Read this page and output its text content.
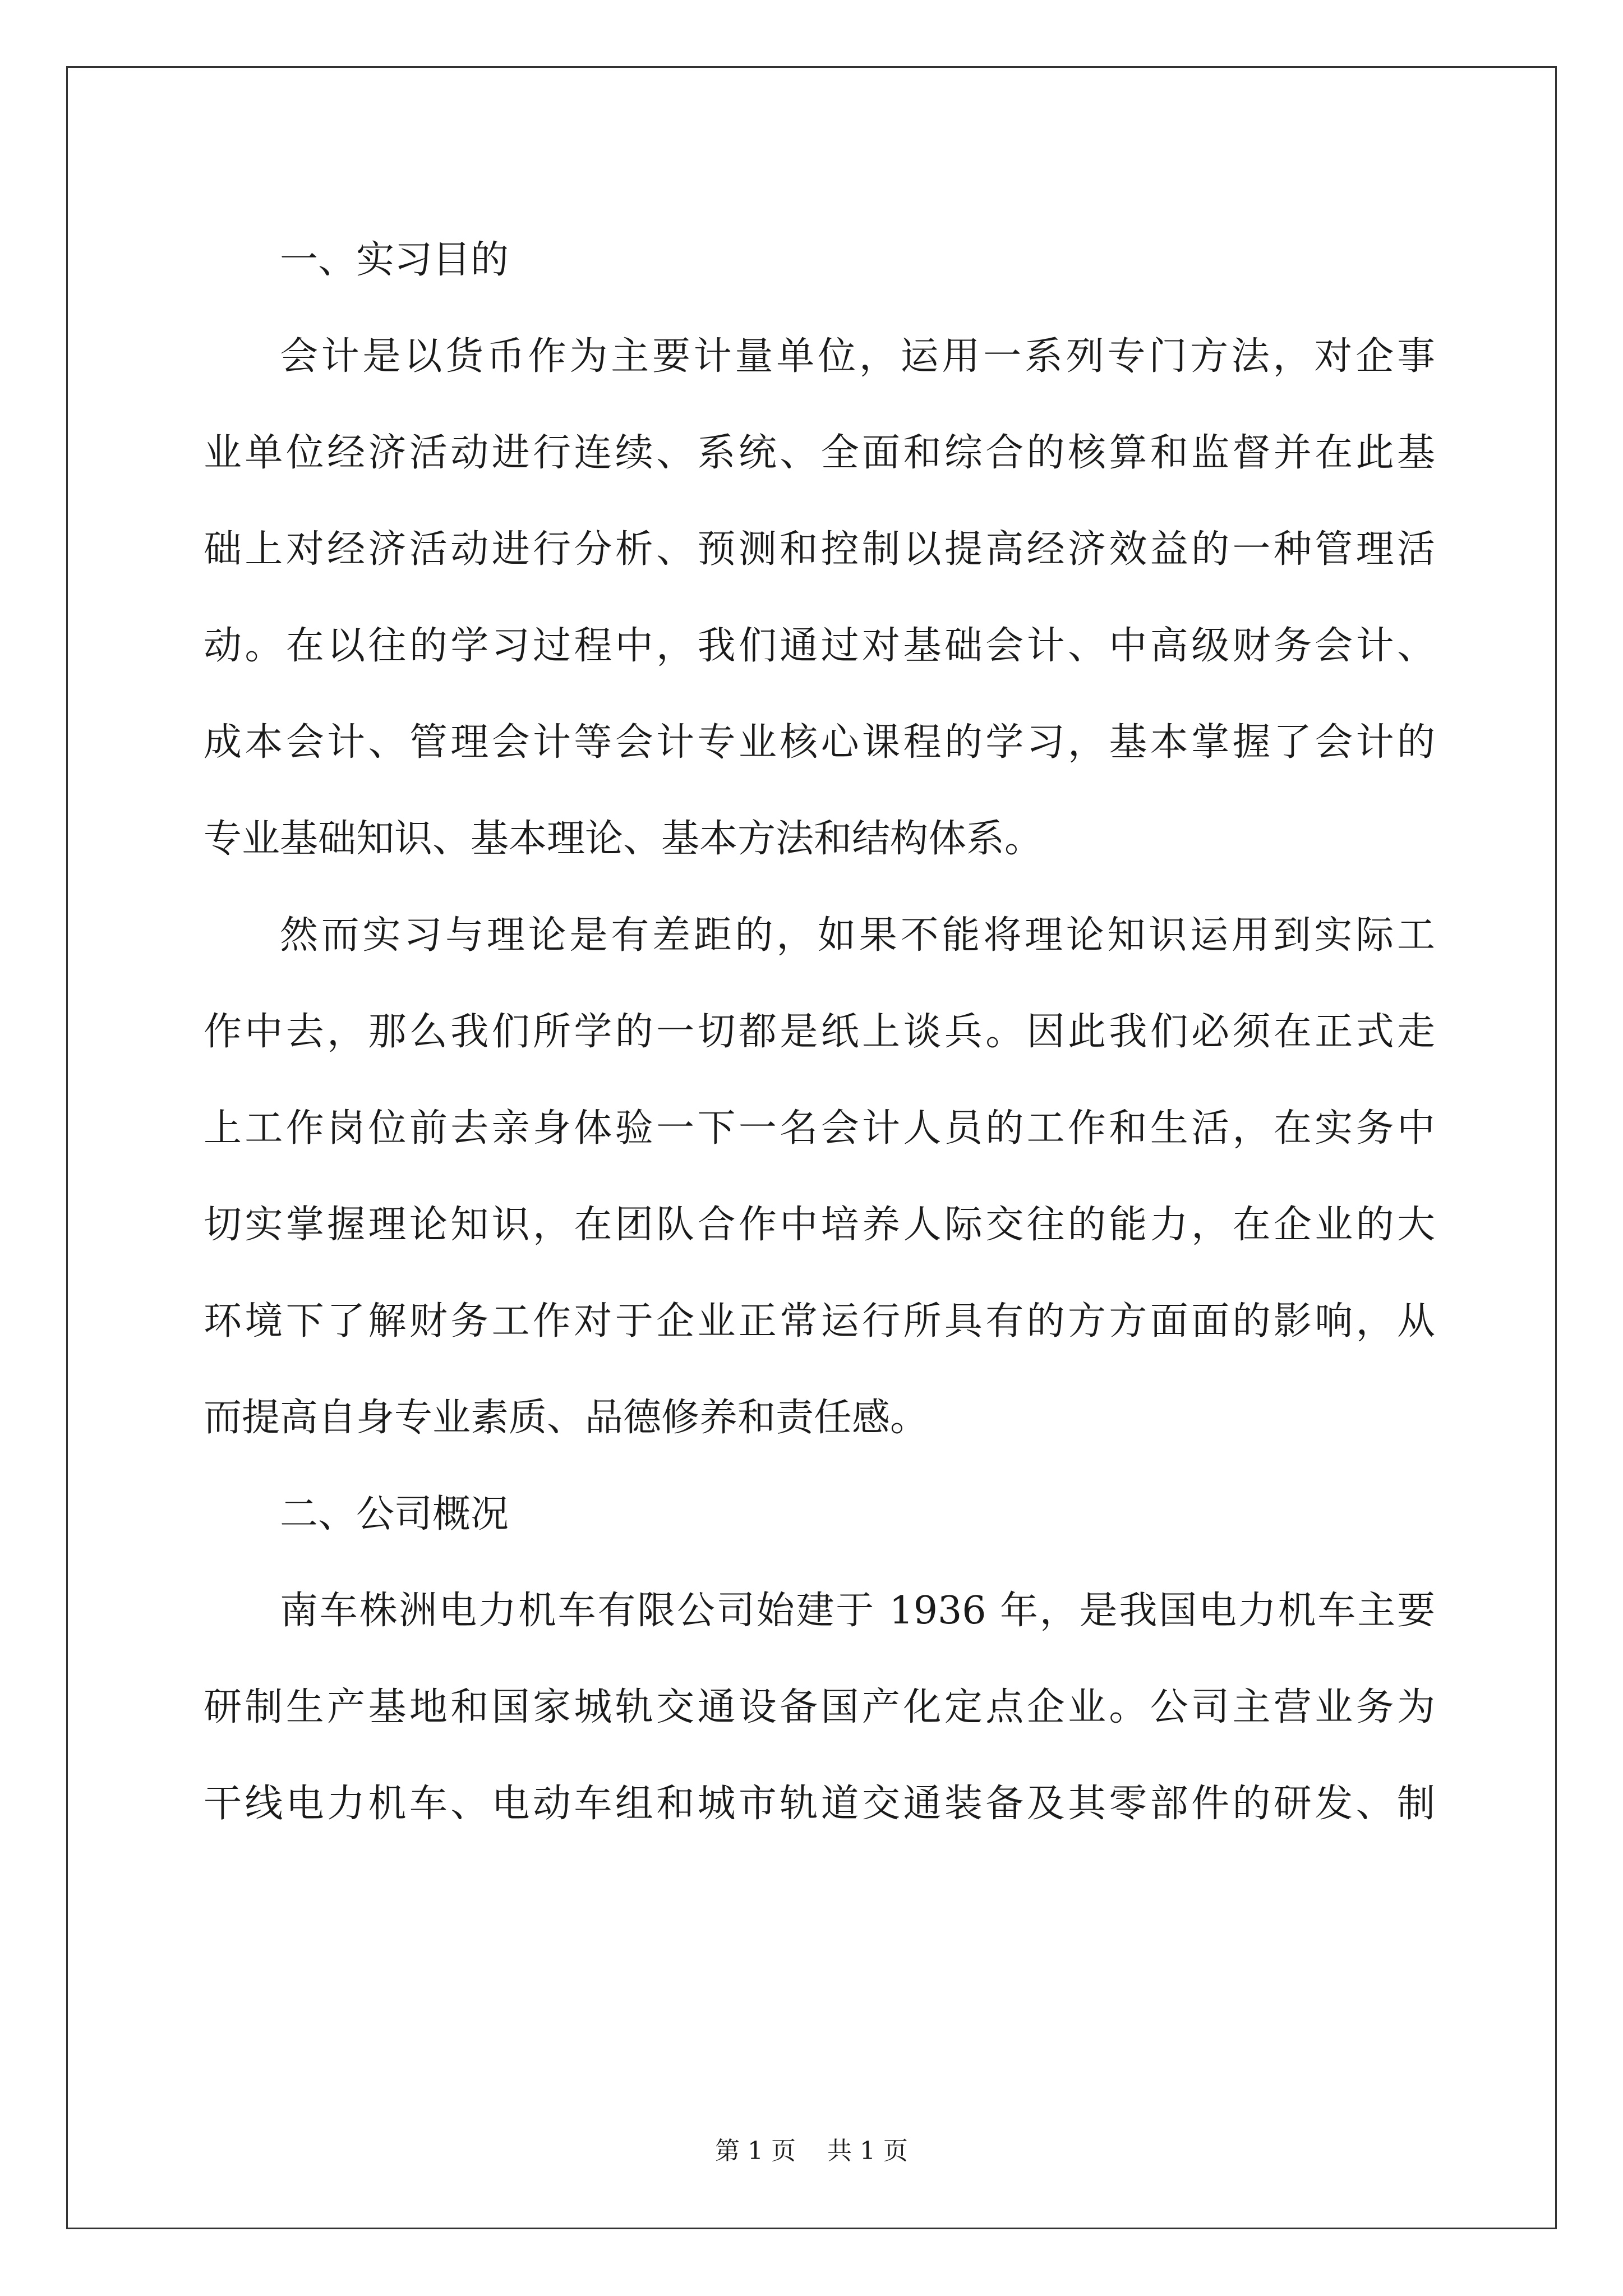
一、实习目的
会计是以货币作为主要计量单位，运用一系列专门方法，对企事
业单位经济活动进行连续、系统、全面和综合的核算和监督并在此基
础上对经济活动进行分析、预测和控制以提高经济效益的一种管理活
动。在以往的学习过程中，我们通过对基础会计、中高级财务会计、
成本会计、管理会计等会计专业核心课程的学习，基本掌握了会计的
专业基础知识、基本理论、基本方法和结构体系。
然而实习与理论是有差距的，如果不能将理论知识运用到实际工
作中去，那么我们所学的一切都是纸上谈兵。因此我们必须在正式走
上工作岗位前去亲身体验一下一名会计人员的工作和生活，在实务中
切实掌握理论知识，在团队合作中培养人际交往的能力，在企业的大
环境下了解财务工作对于企业正常运行所具有的方方面面的影响，从
而提高自身专业素质、品德修养和责任感。
二、公司概况
南车株洲电力机车有限公司始建于 1936 年，是我国电力机车主要
研制生产基地和国家城轨交通设备国产化定点企业。公司主营业务为
干线电力机车、电动车组和城市轨道交通装备及其零部件的研发、制
第 1 页    共 1 页
